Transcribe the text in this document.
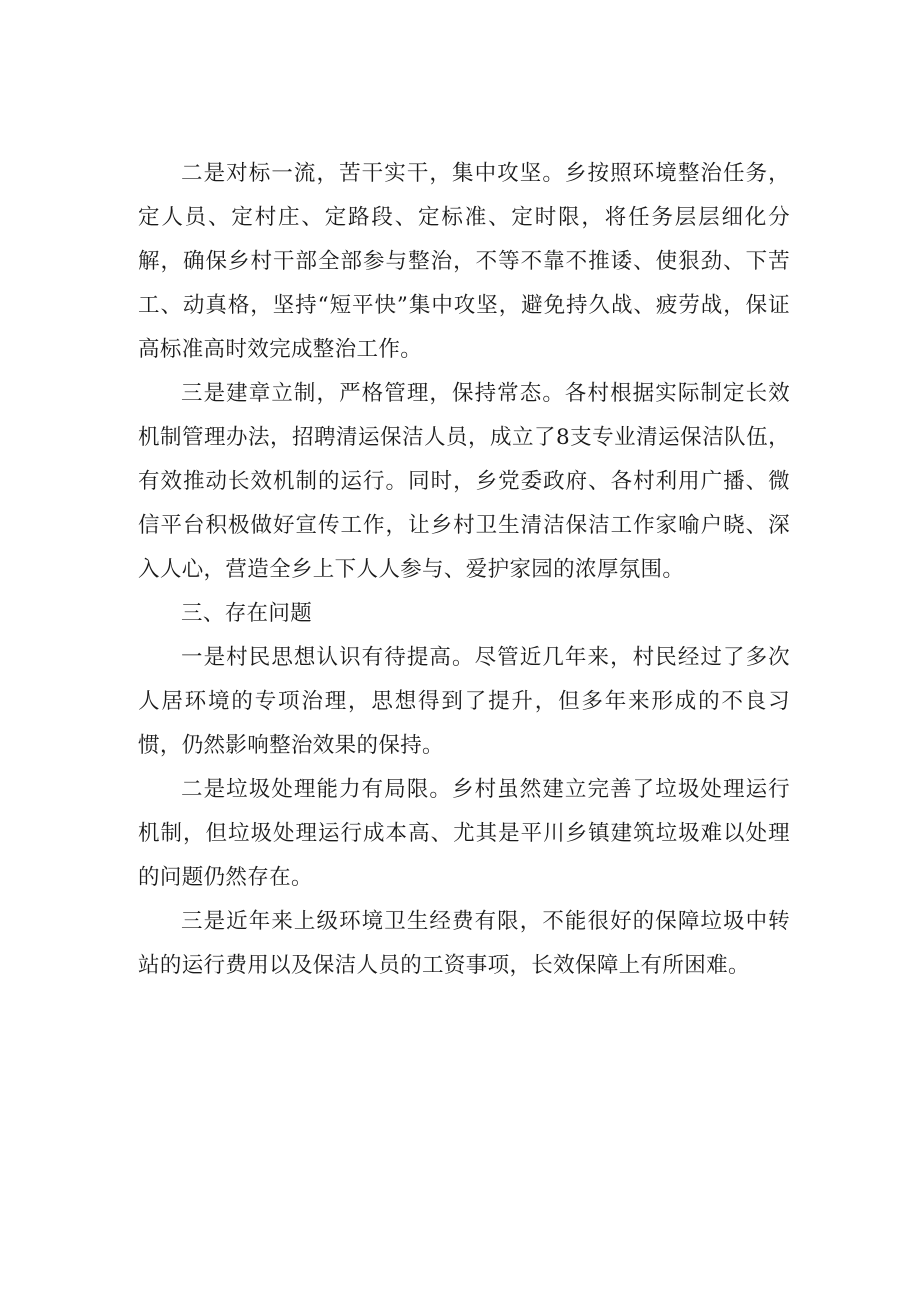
二是对标一流，苦干实干，集中攻坚。乡按照环境整治任务，定人员、定村庄、定路段、定标准、定时限，将任务层层细化分解，确保乡村干部全部参与整治，不等不靠不推诿、使狠劲、下苦工、动真格，坚持“短平快”集中攻坚，避免持久战、疲劳战，保证高标准高时效完成整治工作。

三是建章立制，严格管理，保持常态。各村根据实际制定长效机制管理办法，招聘清运保洁人员，成立了8支专业清运保洁队伍，有效推动长效机制的运行。同时，乡党委政府、各村利用广播、微信平台积极做好宣传工作，让乡村卫生清洁保洁工作家喻户晓、深入人心，营造全乡上下人人参与、爱护家园的浓厚氛围。

三、存在问题

一是村民思想认识有待提高。尽管近几年来，村民经过了多次人居环境的专项治理，思想得到了提升，但多年来形成的不良习惯，仍然影响整治效果的保持。

二是垃圾处理能力有局限。乡村虽然建立完善了垃圾处理运行机制，但垃圾处理运行成本高、尤其是平川乡镇建筑垃圾难以处理的问题仍然存在。

三是近年来上级环境卫生经费有限，不能很好的保障垃圾中转站的运行费用以及保洁人员的工资事项，长效保障上有所困难。
